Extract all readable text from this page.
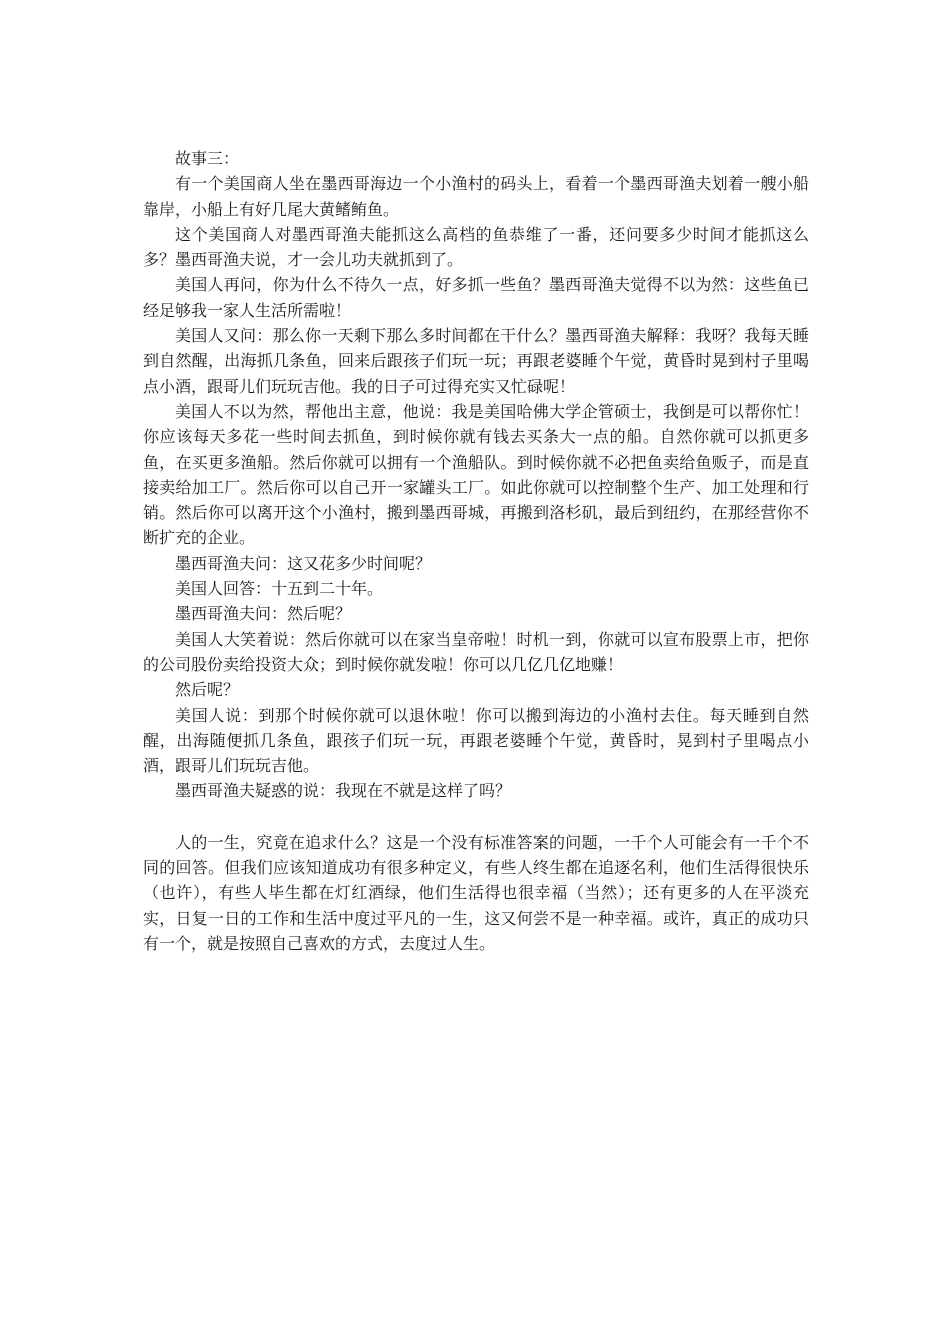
故事三：

有一个美国商人坐在墨西哥海边一个小渔村的码头上，看着一个墨西哥渔夫划着一艘小船靠岸，小船上有好几尾大黄鳍鲔鱼。

这个美国商人对墨西哥渔夫能抓这么高档的鱼恭维了一番，还问要多少时间才能抓这么多？墨西哥渔夫说，才一会儿功夫就抓到了。

美国人再问，你为什么不待久一点，好多抓一些鱼？墨西哥渔夫觉得不以为然：这些鱼已经足够我一家人生活所需啦！

美国人又问：那么你一天剩下那么多时间都在干什么？墨西哥渔夫解释：我呀？我每天睡到自然醒，出海抓几条鱼，回来后跟孩子们玩一玩；再跟老婆睡个午觉，黄昏时晃到村子里喝点小酒，跟哥儿们玩玩吉他。我的日子可过得充实又忙碌呢！

美国人不以为然，帮他出主意，他说：我是美国哈佛大学企管硕士，我倒是可以帮你忙！你应该每天多花一些时间去抓鱼，到时候你就有钱去买条大一点的船。自然你就可以抓更多鱼，在买更多渔船。然后你就可以拥有一个渔船队。到时候你就不必把鱼卖给鱼贩子，而是直接卖给加工厂。然后你可以自己开一家罐头工厂。如此你就可以控制整个生产、加工处理和行销。然后你可以离开这个小渔村，搬到墨西哥城，再搬到洛杉矶，最后到纽约，在那经营你不断扩充的企业。

墨西哥渔夫问：这又花多少时间呢？

美国人回答：十五到二十年。

墨西哥渔夫问：然后呢？

美国人大笑着说：然后你就可以在家当皇帝啦！时机一到，你就可以宣布股票上市，把你的公司股份卖给投资大众；到时候你就发啦！你可以几亿几亿地赚！

然后呢？

美国人说：到那个时候你就可以退休啦！你可以搬到海边的小渔村去住。每天睡到自然醒，出海随便抓几条鱼，跟孩子们玩一玩，再跟老婆睡个午觉，黄昏时，晃到村子里喝点小酒，跟哥儿们玩玩吉他。

墨西哥渔夫疑惑的说：我现在不就是这样了吗？

人的一生，究竟在追求什么？这是一个没有标准答案的问题，一千个人可能会有一千个不同的回答。但我们应该知道成功有很多种定义，有些人终生都在追逐名利，他们生活得很快乐（也许），有些人毕生都在灯红酒绿，他们生活得也很幸福（当然）；还有更多的人在平淡充实，日复一日的工作和生活中度过平凡的一生，这又何尝不是一种幸福。或许，真正的成功只有一个，就是按照自己喜欢的方式，去度过人生。
